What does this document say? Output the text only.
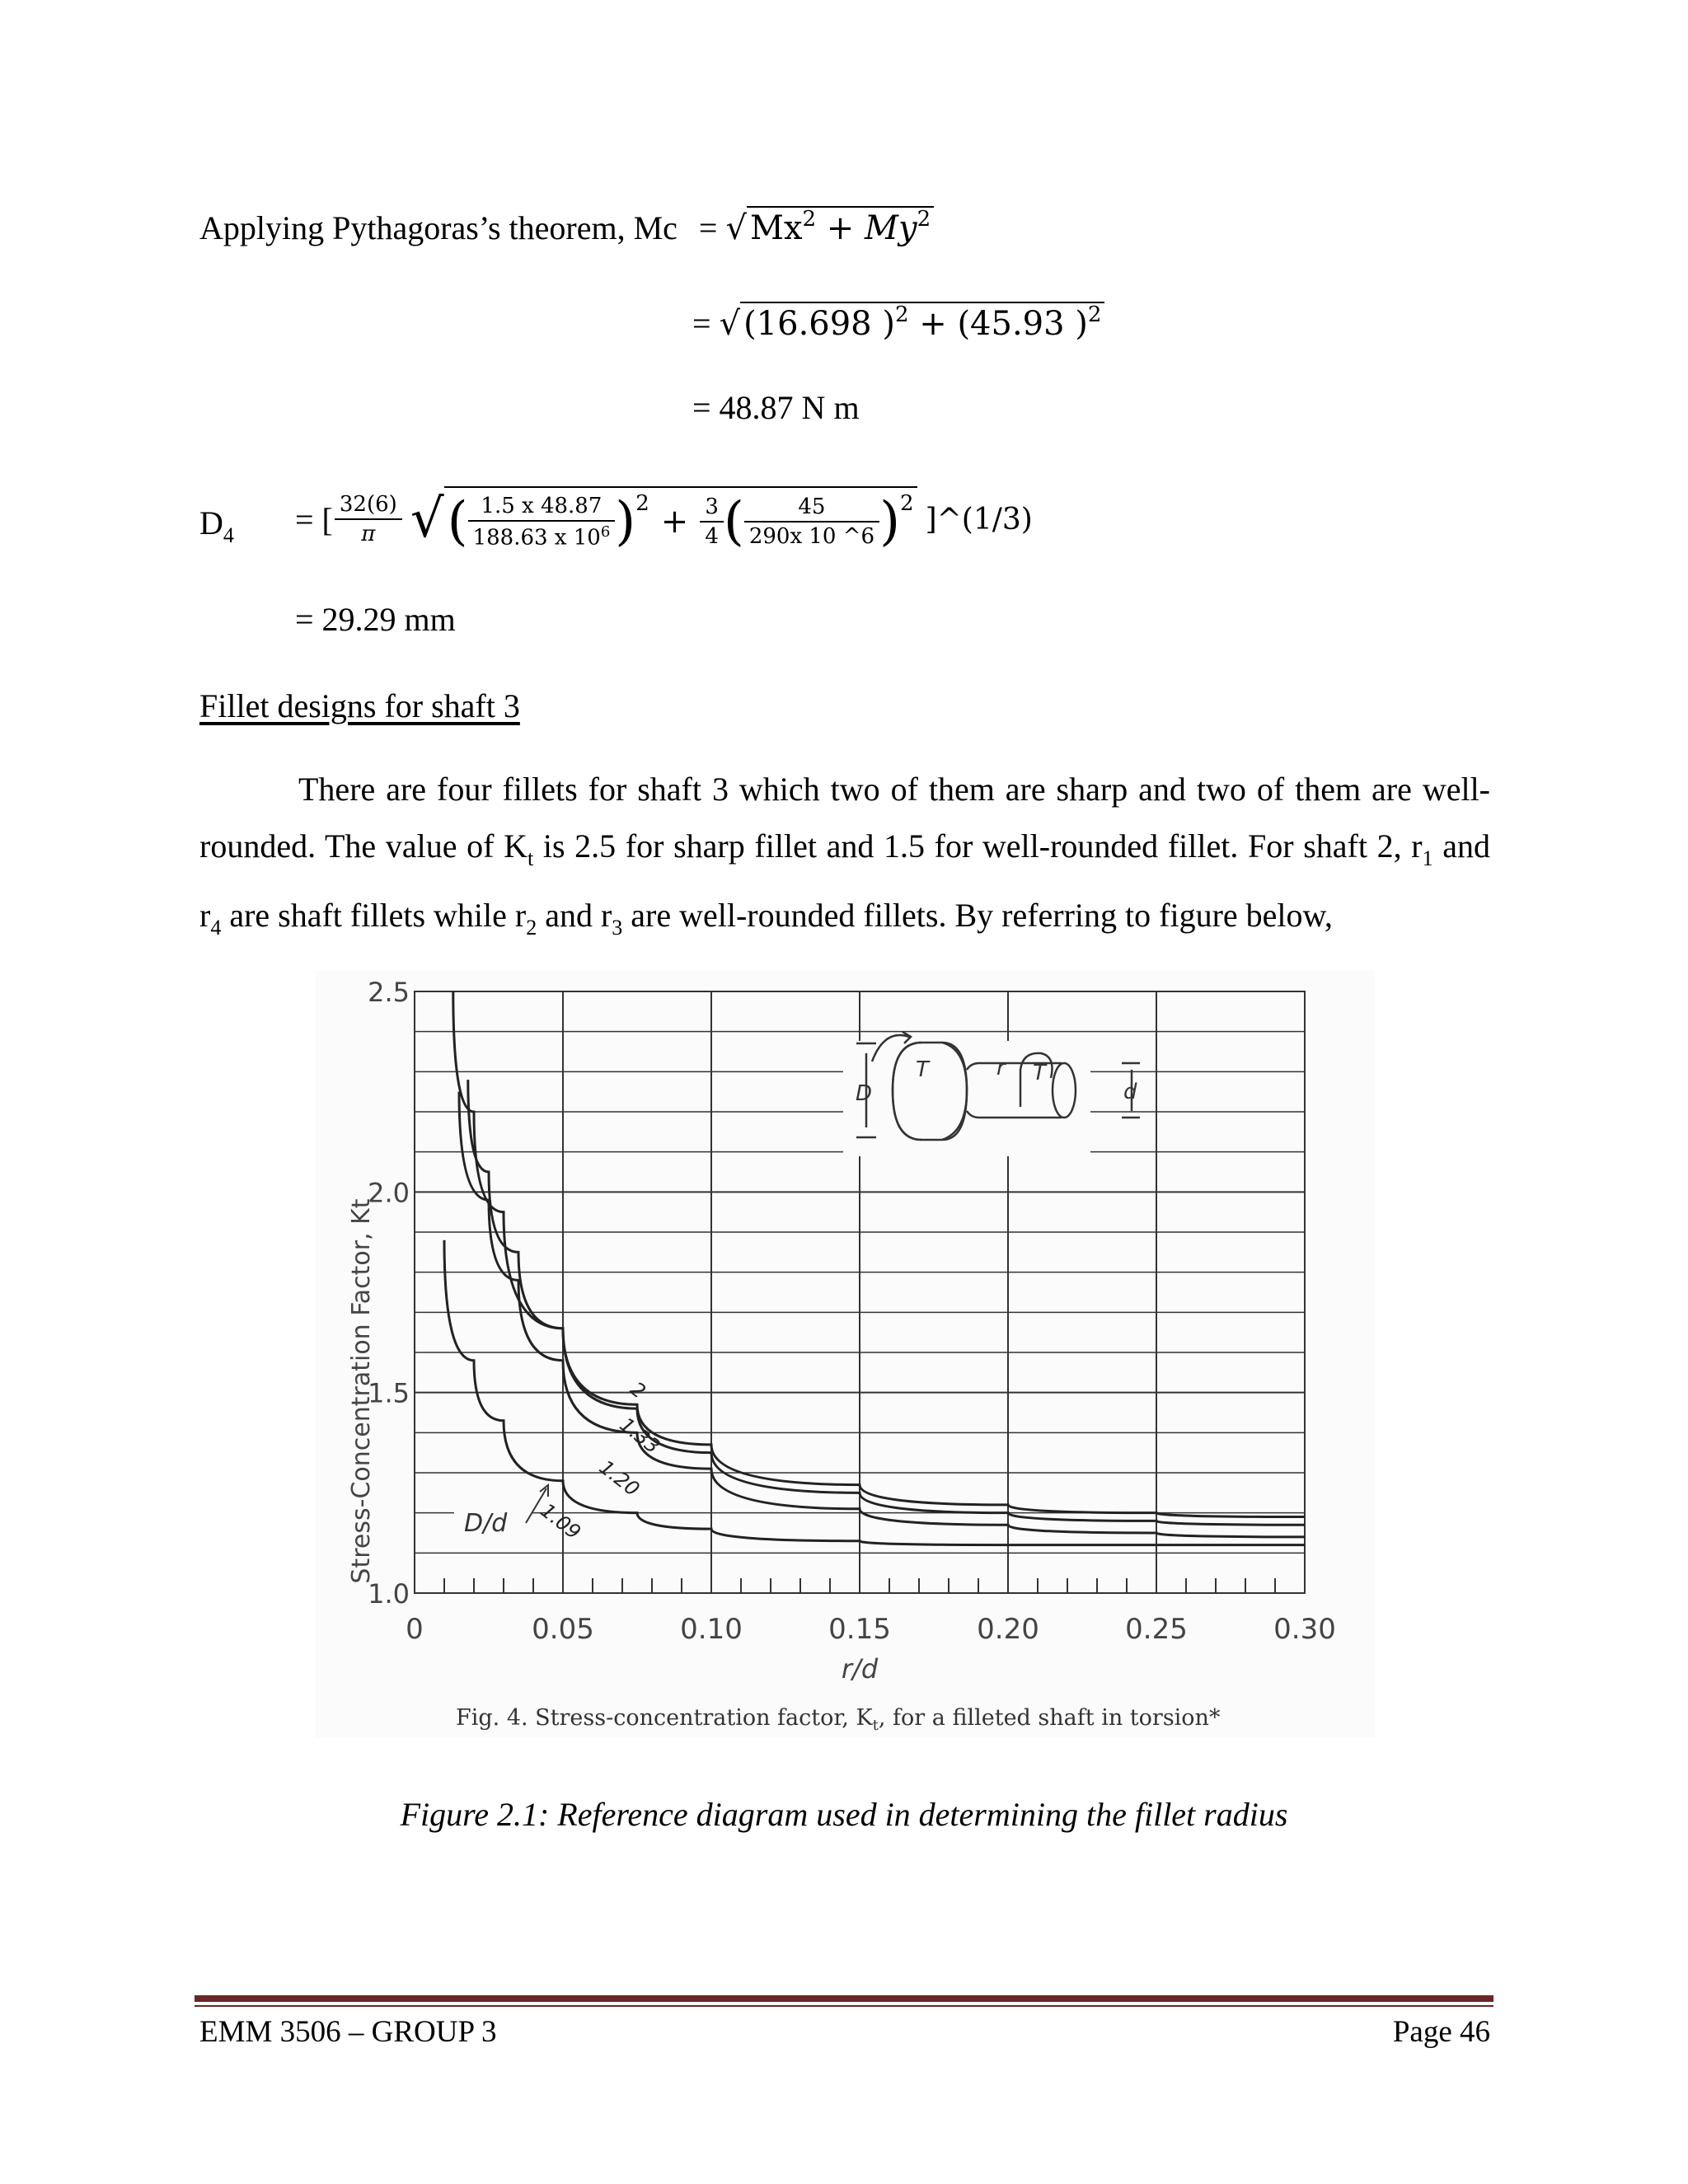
Applying Pythagoras’s theorem, Mc = √ $Mx^2 + My^2$
= √ (16.698 )$^2$ + (45.93 )$^2$
= 48.87 N m
$D_4$ = [ $\frac{32(6)}{\pi}$ √ ( $\frac{1.5 x 48.87}{188.63 x 10^6}$ ) $2 + \frac{3}{4}$ ( $\frac{45}{290x 10 \^{}6}$ ) 2 ]^(1/3)
= 29.29 mm
Fillet designs for shaft 3
There are four fillets for shaft 3 which two of them are sharp and two of them are well-rounded. The value of $K_t$ is 2.5 for sharp fillet and 1.5 for well-rounded fillet. For shaft 2, $r_1$ and $r_4$ are shaft fillets while $r_2$ and $r_3$ are well-rounded fillets. By referring to figure below,
2
1.33
1.20
1.09
0	0.05	0.10	0.15	0.20	0.25	0.30
1.0
1.5
2.0
2.5
r/d
Stress-Concentration Factor, Kt	D/d
D	d
T	T
r
Fig. 4. Stress-concentration factor, $K_t$, for a filleted shaft in torsion*
Figure 2.1: Reference diagram used in determining the fillet radius
EMM 3506 – GROUP 3	Page 46
